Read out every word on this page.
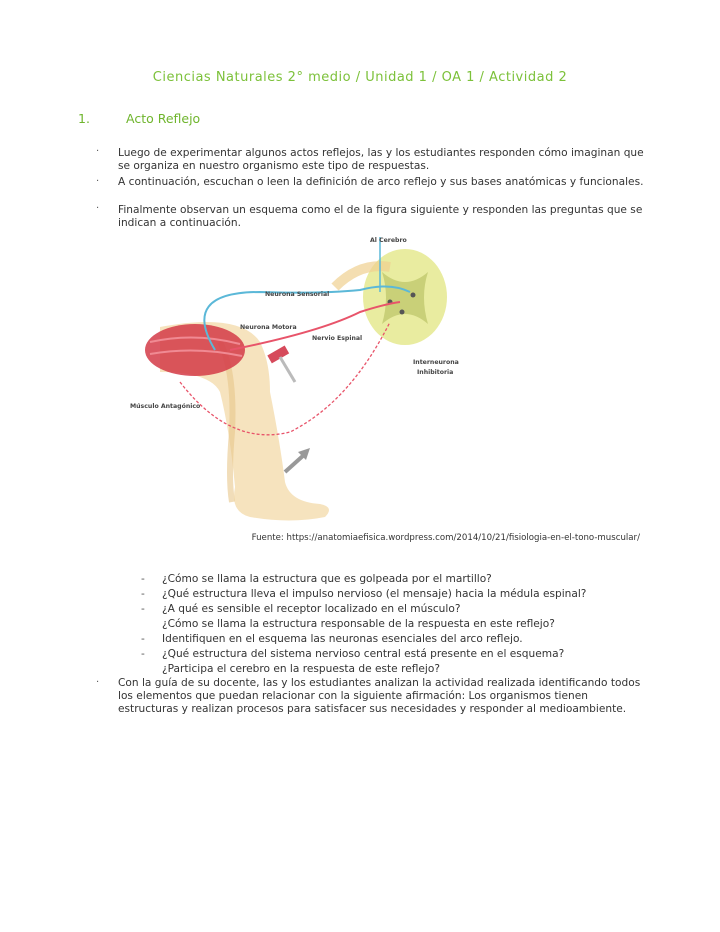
Ciencias Naturales 2° medio / Unidad 1 / OA 1 / Actividad 2
1.	Acto Reflejo
· Luego de experimentar algunos actos reflejos, las y los estudiantes responden cómo imaginan que se organiza en nuestro organismo este tipo de respuestas.
· A continuación, escuchan o leen la definición de arco reflejo y sus bases anatómicas y funcionales.
· Finalmente observan un esquema como el de la figura siguiente y responden las preguntas que se indican a continuación.
Al Cerebro
Neurona Sensorial
Neurona Motora
Nervio Espinal
Interneurona
Inhibitoria
Músculo Antagónico
Fuente: https://anatomiaefisica.wordpress.com/2014/10/21/fisiologia-en-el-tono-muscular/
- ¿Cómo se llama la estructura que es golpeada por el martillo?
- ¿Qué estructura lleva el impulso nervioso (el mensaje) hacia la médula espinal?
- ¿A qué es sensible el receptor localizado en el músculo?
¿Cómo se llama la estructura responsable de la respuesta en este reflejo?
- Identifiquen en el esquema las neuronas esenciales del arco reflejo.
- ¿Qué estructura del sistema nervioso central está presente en el esquema?
¿Participa el cerebro en la respuesta de este reflejo?
· Con la guía de su docente, las y los estudiantes analizan la actividad realizada identificando todos los elementos que puedan relacionar con la siguiente afirmación: Los organismos tienen estructuras y realizan procesos para satisfacer sus necesidades y responder al medioambiente.
